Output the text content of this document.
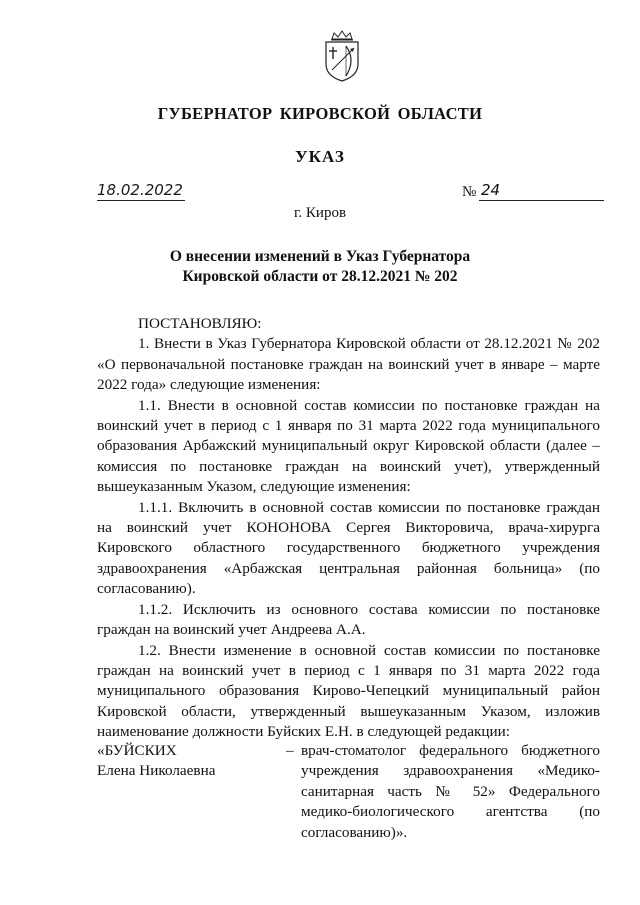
ГУБЕРНАТОР КИРОВСКОЙ ОБЛАСТИ
УКАЗ
18.02.2022	№ 24
г. Киров
О внесении изменений в Указ Губернатора
Кировской области от 28.12.2021 № 202

ПОСТАНОВЛЯЮ:

1. Внести в Указ Губернатора Кировской области от 28.12.2021 № 202 «О первоначальной постановке граждан на воинский учет в январе – марте 2022 года» следующие изменения:

1.1. Внести в основной состав комиссии по постановке граждан на воинский учет в период с 1 января по 31 марта 2022 года муниципального образования Арбажский муниципальный округ Кировской области (далее – комиссия по постановке граждан на воинский учет), утвержденный вышеуказанным Указом, следующие изменения:

1.1.1. Включить в основной состав комиссии по постановке граждан на воинский учет КОНОНОВА Сергея Викторовича, врача-хирурга Кировского областного государственного бюджетного учреждения здравоохранения «Арбажская центральная районная больница» (по согласованию).

1.1.2. Исключить из основного состава комиссии по постановке граждан на воинский учет Андреева А.А.

1.2. Внести изменение в основной состав комиссии по постановке граждан на воинский учет в период с 1 января по 31 марта 2022 года муниципального образования Кирово-Чепецкий муниципальный район Кировской области, утвержденный вышеуказанным Указом, изложив наименование должности Буйских Е.Н. в следующей редакции:

«БУЙСКИХ
Елена Николаевна
– врач-стоматолог федерального бюджетного учреждения здравоохранения «Медико-санитарная часть № 52» Федерального медико-биологического агентства (по согласованию)».
